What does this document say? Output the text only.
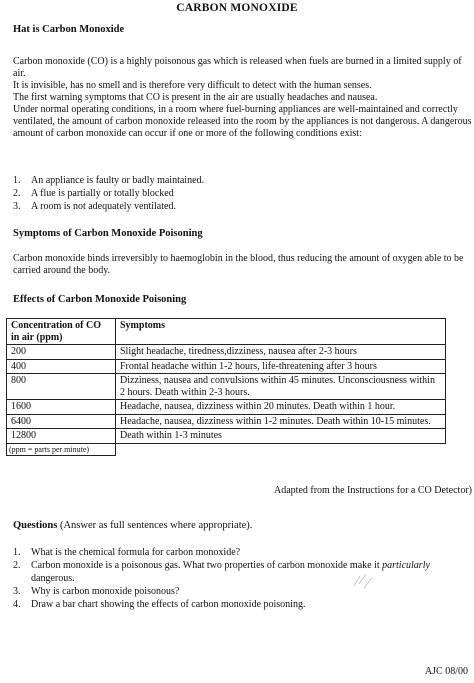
CARBON MONOXIDE
Hat is Carbon Monoxide

Carbon monoxide (CO) is a highly poisonous gas which is released when fuels are burned in a limited supply of air.

It is invisible, has no smell and is therefore very difficult to detect with the human senses.

The first warning symptoms that CO is present in the air are usually headaches and nausea.

Under normal operating conditions, in a room where fuel-burning appliances are well-maintained and correctly ventilated, the amount of carbon monoxide released into the room by the appliances is not dangerous. A dangerous amount of carbon monoxide can occur if one or more of the following conditions exist:

1.	An appliance is faulty or badly maintained.
2.	A flue is partially or totally blocked
3.	A room is not adequately ventilated.
Symptoms of Carbon Monoxide Poisoning

Carbon monoxide binds irreversibly to haemoglobin in the blood, thus reducing the amount of oxygen able to be carried around the body.

Effects of Carbon Monoxide Poisoning
Concentration of CO in air (ppm)	Symptoms
200	Slight headache, tiredness,dizziness, nausea after 2-3 hours
400	Frontal headache within 1-2 hours, life-threatening after 3 hours
800	Dizziness, nausea and convulsions within 45 minutes. Unconsciousness within 2 hours. Death within 2-3 hours.
1600	Headache, nausea, dizziness within 20 minutes. Death within 1 hour.
6400	Headache, nausea, dizziness within 1-2 minutes. Death within 10-15 minutes.
12800	Death within 1-3 minutes
(ppm = parts per minute)	
Adapted from the Instructions for a CO Detector)
Questions (Answer as full sentences where appropriate).
1.	What is the chemical formula for carbon monoxide?
2.	Carbon monoxide is a poisonous gas. What two properties of carbon monoxide make it particularly dangerous.
3.	Why is carbon monoxide poisonous?
4.	Draw a bar chart showing the effects of carbon monoxide poisoning.
AJC 08/00
